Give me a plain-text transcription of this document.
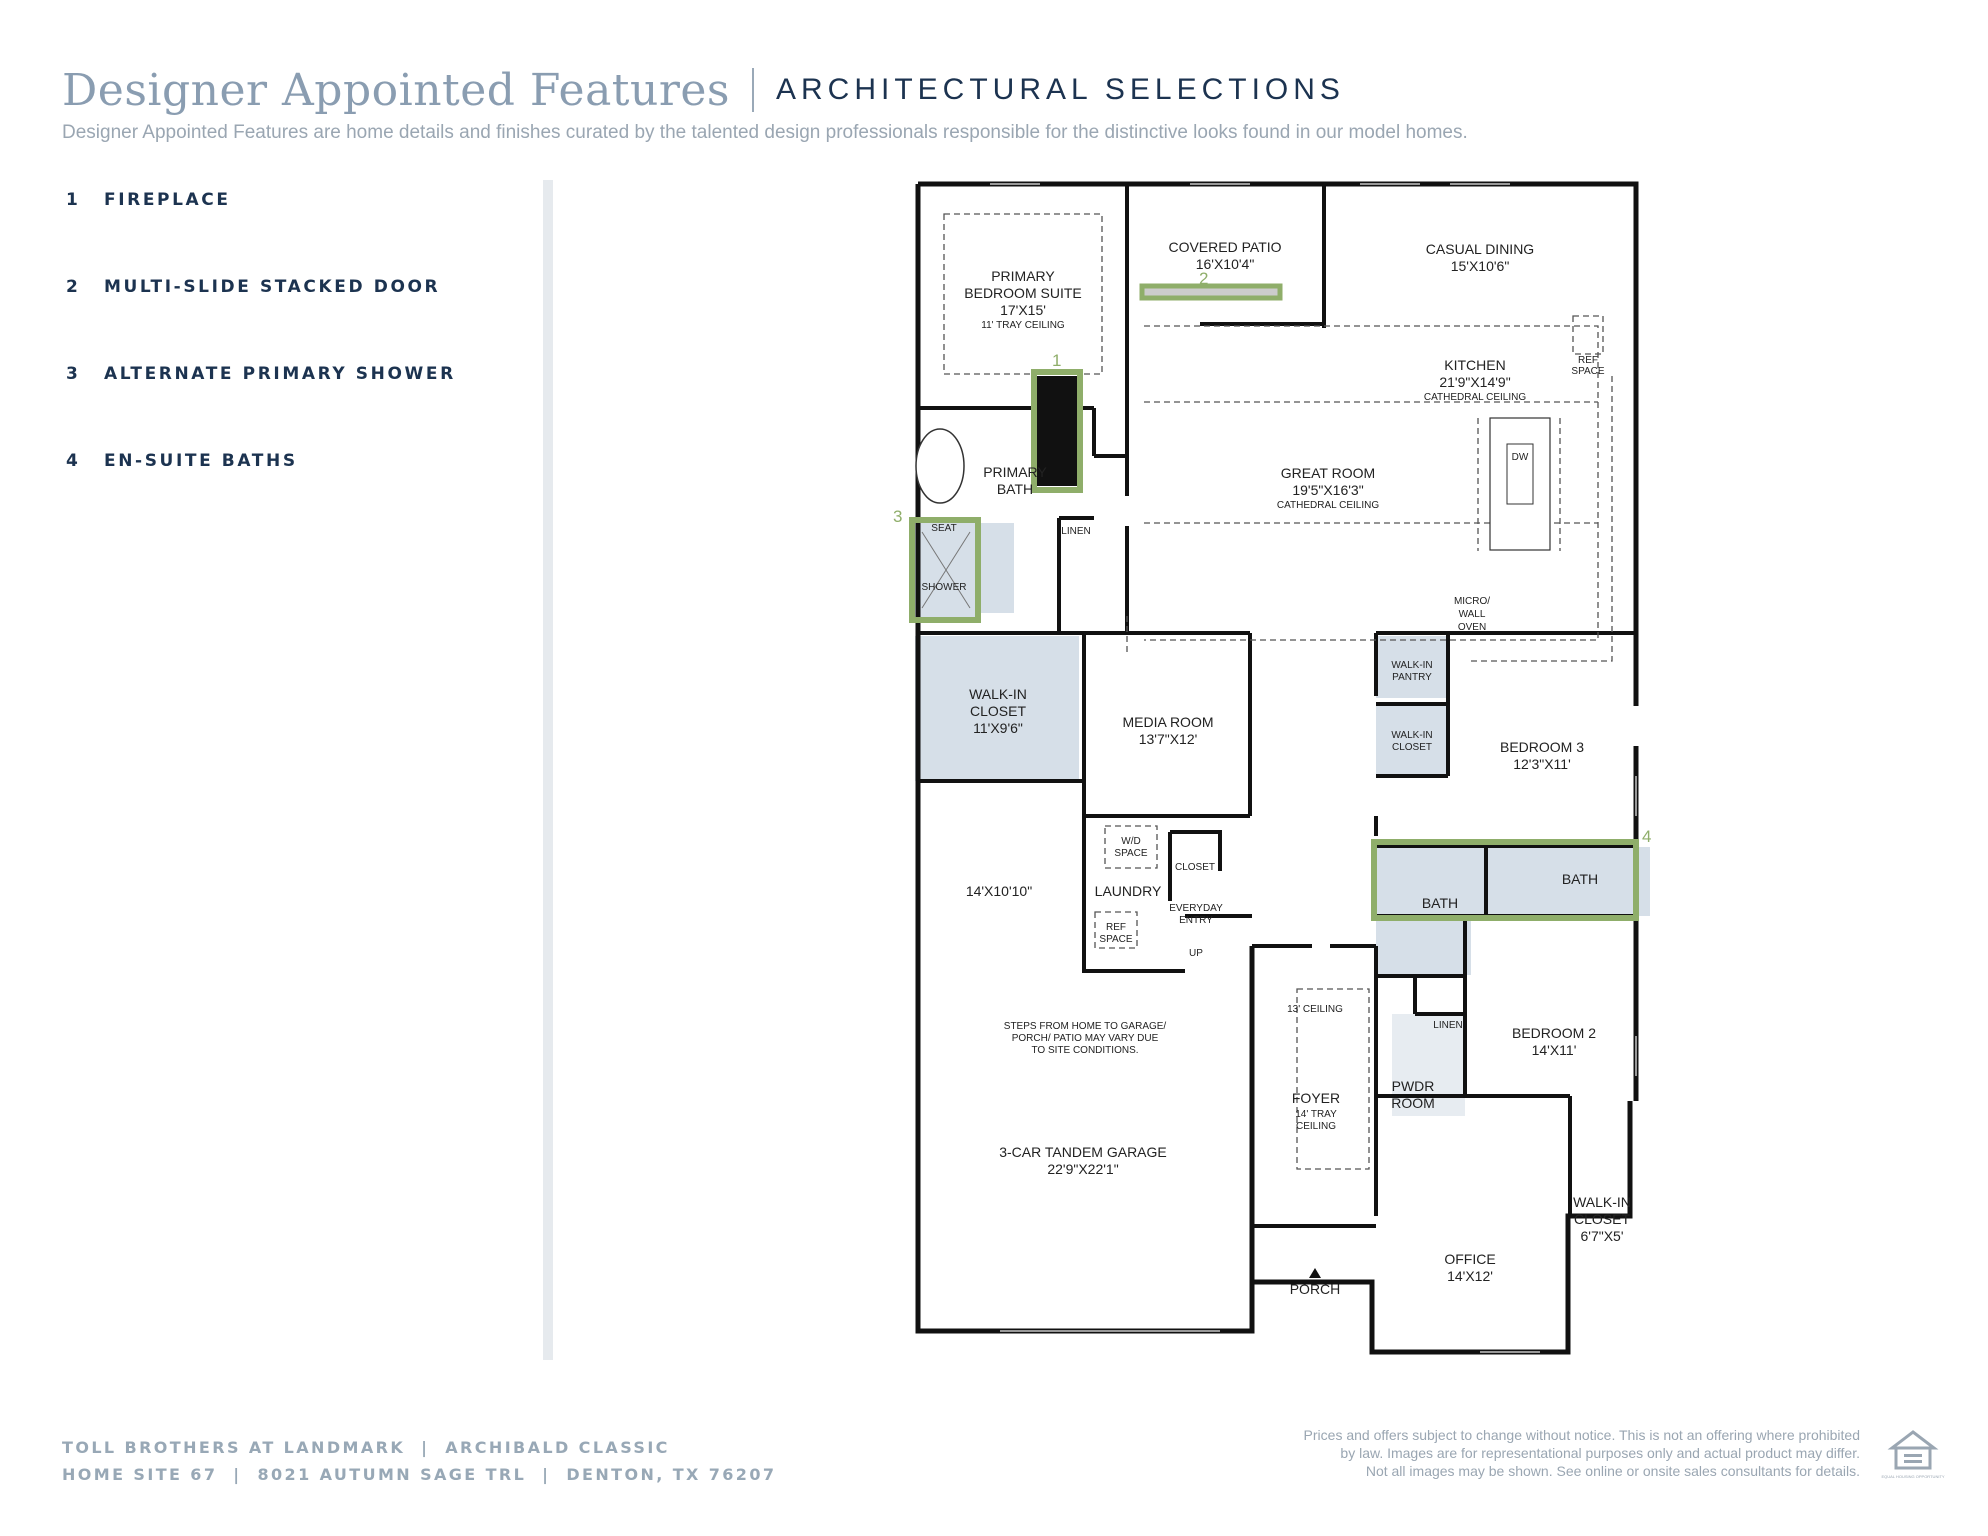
Designer Appointed Features ARCHITECTURAL SELECTIONS
Designer Appointed Features are home details and finishes curated by the talented design professionals responsible for the distinctive looks found in our model homes.
1	FIREPLACE
2	MULTI-SLIDE STACKED DOOR
3	ALTERNATE PRIMARY SHOWER
4	EN-SUITE BATHS
2
1
3
4
PRIMARY
BEDROOM SUITE
17'X15'
11' TRAY CEILING
COVERED PATIO
16'X10'4"
CASUAL DINING
15'X10'6"
KITCHEN
21'9"X14'9"
CATHEDRAL CEILING
REF
SPACE
DW
GREAT ROOM
19'5"X16'3"
CATHEDRAL CEILING
PRIMARY
BATH
LINEN
SEAT
SHOWER
MICRO/
WALL
OVEN
WALK-IN
CLOSET
11'X9'6"	MEDIA ROOM
13'7"X12'
WALK-IN
PANTRY
WALK-IN
CLOSET	BEDROOM 3
12'3"X11'
W/D
SPACE
LAUNDRY
CLOSET
EVERYDAY
ENTRY
REF
SPACE
UP
BATH
BATH
14'X10'10"
STEPS FROM HOME TO GARAGE/
PORCH/ PATIO MAY VARY DUE
TO SITE CONDITIONS.
3-CAR TANDEM GARAGE
22'9"X22'1"
13' CEILING
LINEN
PWDR
ROOM
BEDROOM 2
14'X11'
FOYER
14' TRAY
CEILING
WALK-IN
CLOSET
6'7"X5'
OFFICE
14'X12'
PORCH
TOLL BROTHERS AT LANDMARK  |  ARCHIBALD CLASSIC
HOME SITE 67  |  8021 AUTUMN SAGE TRL  |  DENTON, TX 76207
Prices and offers subject to change without notice. This is not an offering where prohibited
by law. Images are for representational purposes only and actual product may differ.
Not all images may be shown. See online or onsite sales consultants for details.	EQUAL HOUSING OPPORTUNITY
